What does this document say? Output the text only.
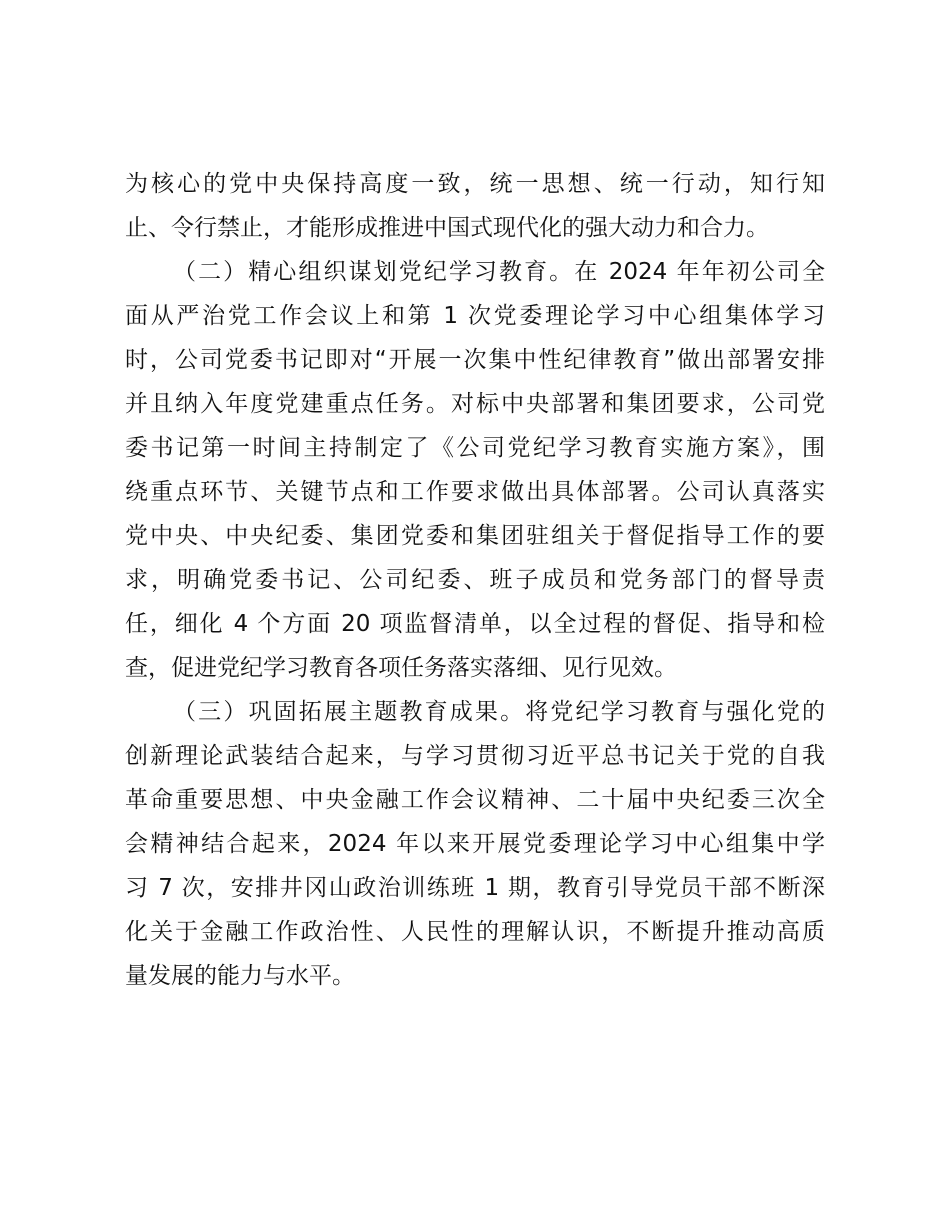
为核心的党中央保持高度一致，统一思想、统一行动，知行知
止、令行禁止，才能形成推进中国式现代化的强大动力和合力。
（二）精心组织谋划党纪学习教育。在 2024 年年初公司全
面从严治党工作会议上和第 1 次党委理论学习中心组集体学习
时，公司党委书记即对“开展一次集中性纪律教育”做出部署安排
并且纳入年度党建重点任务。对标中央部署和集团要求，公司党
委书记第一时间主持制定了《公司党纪学习教育实施方案》，围
绕重点环节、关键节点和工作要求做出具体部署。公司认真落实
党中央、中央纪委、集团党委和集团驻组关于督促指导工作的要
求，明确党委书记、公司纪委、班子成员和党务部门的督导责
任，细化 4 个方面 20 项监督清单，以全过程的督促、指导和检
查，促进党纪学习教育各项任务落实落细、见行见效。
（三）巩固拓展主题教育成果。将党纪学习教育与强化党的
创新理论武装结合起来，与学习贯彻习近平总书记关于党的自我
革命重要思想、中央金融工作会议精神、二十届中央纪委三次全
会精神结合起来，2024 年以来开展党委理论学习中心组集中学
习 7 次，安排井冈山政治训练班 1 期，教育引导党员干部不断深
化关于金融工作政治性、人民性的理解认识，不断提升推动高质
量发展的能力与水平。
